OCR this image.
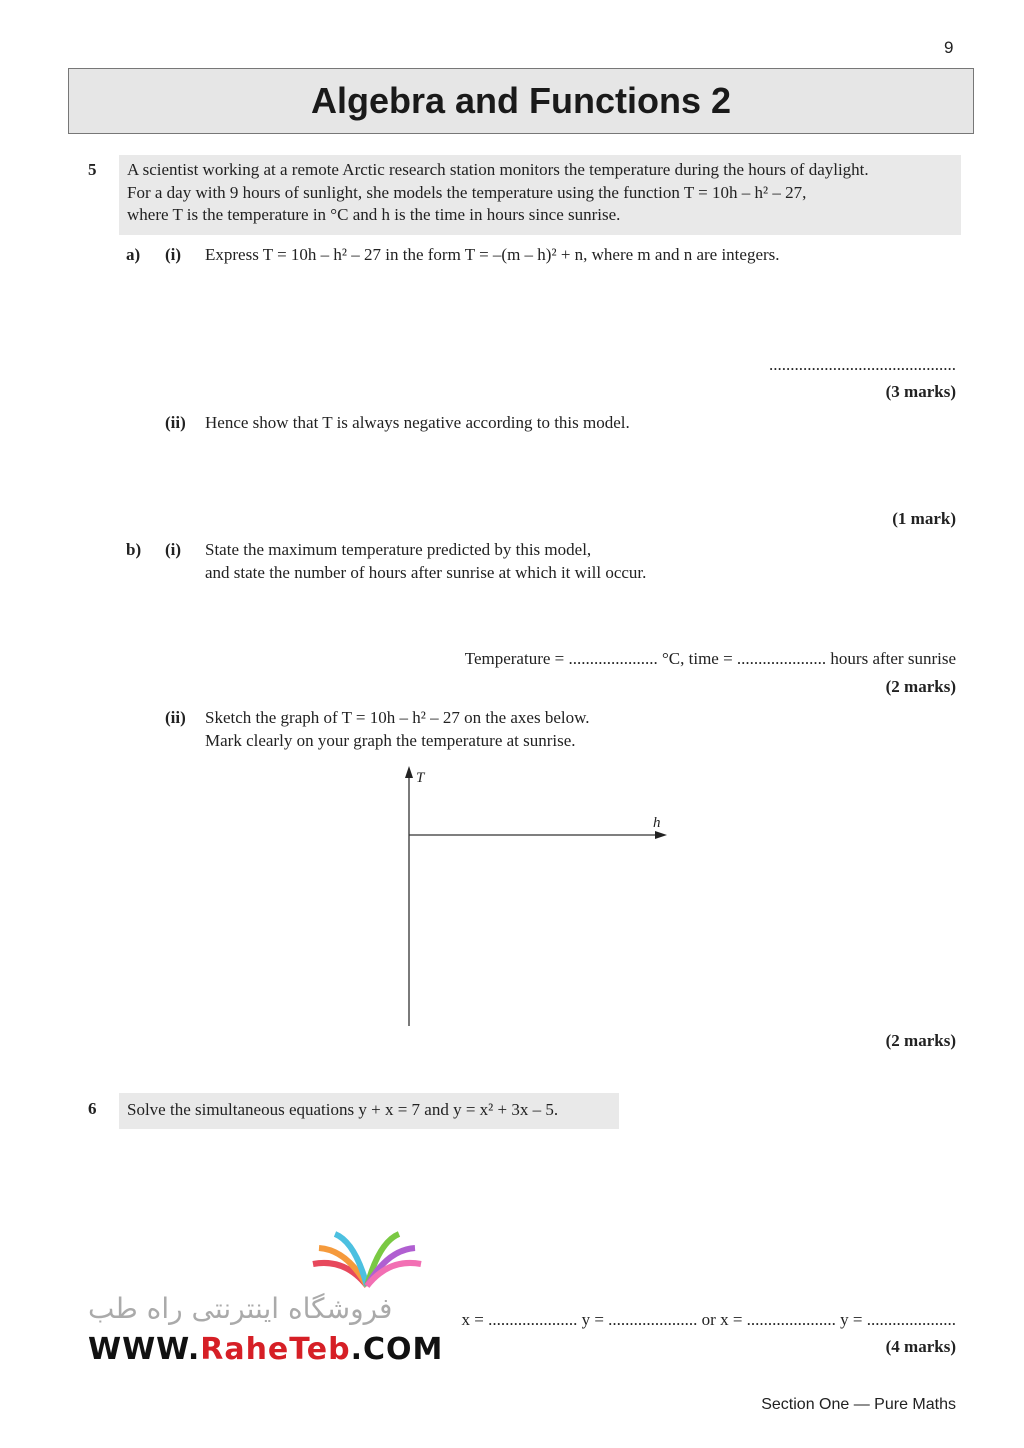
9
Algebra and Functions 2
5 A scientist working at a remote Arctic research station monitors the temperature during the hours of daylight.
For a day with 9 hours of sunlight, she models the temperature using the function T = 10h – h² – 27,
where T is the temperature in °C and h is the time in hours since sunrise.
a) (i) Express T = 10h – h² – 27 in the form T = –(m – h)² + n, where m and n are integers.
............................................
(3 marks)
(ii) Hence show that T is always negative according to this model.
(1 mark)
b) (i) State the maximum temperature predicted by this model,
and state the number of hours after sunrise at which it will occur.
Temperature = ..................... °C, time = ..................... hours after sunrise
(2 marks)
(ii) Sketch the graph of T = 10h – h² – 27 on the axes below.
Mark clearly on your graph the temperature at sunrise.
T
h
(2 marks)
6	Solve the simultaneous equations y + x = 7 and y = x² + 3x – 5.
x = ..................... y = ..................... or x = ..................... y = .....................
(4 marks)
فروشگاه اینترنتی راه طب
WWW.RaheTeb.COM
Section One — Pure Maths
